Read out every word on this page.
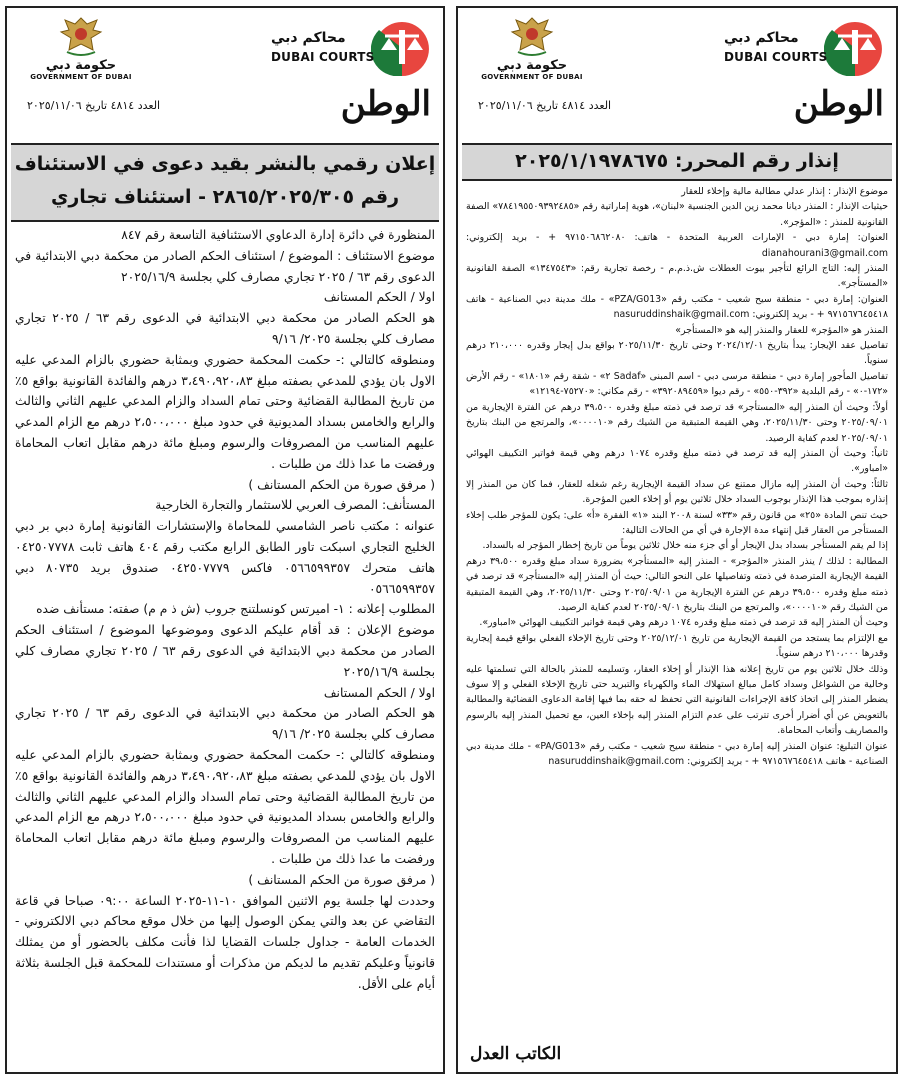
حكومة دبي
GOVERNMENT OF DUBAI
محاكم دبي
DUBAI COURTS
الوطن
العدد ٤٨١٤ تاريخ ٢٠٢٥/١١/٠٦
إعلان رقمي بالنشر بقيد دعوى في الاستئناف رقم ٢٨٦٥/٢٠٢٥/٣٠٥ - استئناف تجاري

المنظورة في دائرة إدارة الدعاوي الاستئنافية التاسعة رقم ٨٤٧

موضوع الاستئناف : الموضوع / استئناف الحكم الصادر من محكمة دبي الابتدائية في الدعوى رقم ٦٣ / ٢٠٢٥ تجاري مصارف كلي بجلسة ٢٠٢٥/١٦/٩

اولا / الحكم المستانف

هو الحكم الصادر من محكمة دبي الابتدائية في الدعوى رقم ٦٣ / ٢٠٢٥ تجاري مصارف كلي بجلسة ٢٠٢٥/ ٩/١٦

ومنطوقه كالتالي :- حكمت المحكمة حضوري وبمثابة حضوري بالزام المدعي عليه الاول بان يؤدي للمدعي بصفته مبلغ ٣،٤٩٠،٩٢٠،٨٣ درهم والفائدة القانونية بواقع ٥٪ من تاريخ المطالبة القضائية وحتى تمام السداد والزام المدعي عليهم الثاني والثالث والرابع والخامس بسداد المديونية في حدود مبلغ ٢،٥٠٠،٠٠٠ درهم مع الزام المدعي عليهم المناسب من المصروفات والرسوم ومبلغ مائة درهم مقابل اتعاب المحاماة ورفضت ما عدا ذلك من طلبات .

( مرفق صورة من الحكم المستانف )

المستأنف: المصرف العربي للاستثمار والتجارة الخارجية

عنوانه : مكتب ناصر الشامسي للمحاماة والإستشارات القانونية إمارة دبي بر دبي الخليج التجاري اسبكت تاور الطابق الرابع مكتب رقم ٤٠٤ هاتف ثابت ٠٤٢٥٠٧٧٧٨ هاتف متحرك ٠٥٦٦٥٩٩٣٥٧ فاكس ٠٤٢٥٠٧٧٧٩ صندوق بريد ٨٠٧٣٥ دبي ٠٥٦٦٥٩٩٣٥٧

المطلوب إعلانه : ١- اميرتس كونسلتنج جروب (ش ذ م م) صفته: مستأنف ضده

موضوع الإعلان : قد أقام عليكم الدعوى وموضوعها الموضوع / استئناف الحكم الصادر من محكمة دبي الابتدائية في الدعوى رقم ٦٣ / ٢٠٢٥ تجاري مصارف كلي بجلسة ٢٠٢٥/١٦/٩

اولا / الحكم المستانف

هو الحكم الصادر من محكمة دبي الابتدائية في الدعوى رقم ٦٣ / ٢٠٢٥ تجاري مصارف كلي بجلسة ٢٠٢٥/ ٩/١٦

ومنطوقه كالتالي :- حكمت المحكمة حضوري وبمثابة حضوري بالزام المدعي عليه الاول بان يؤدي للمدعي بصفته مبلغ ٣،٤٩٠،٩٢٠،٨٣ درهم والفائدة القانونية بواقع ٥٪ من تاريخ المطالبة القضائية وحتى تمام السداد والزام المدعي عليهم الثاني والثالث والرابع والخامس بسداد المديونية في حدود مبلغ ٢،٥٠٠،٠٠٠ درهم مع الزام المدعي عليهم المناسب من المصروفات والرسوم ومبلغ مائة درهم مقابل اتعاب المحاماة ورفضت ما عدا ذلك من طلبات .

( مرفق صورة من الحكم المستانف )

وحددت لها جلسة يوم الاثنين الموافق ١٠-١١-٢٠٢٥ الساعة ٠٩:٠٠ صباحا في قاعة التقاضي عن بعد والتي يمكن الوصول إليها من خلال موقع محاكم دبي الالكتروني - الخدمات العامة - جداول جلسات القضايا لذا فأنت مكلف بالحضور أو من يمثلك قانونياً وعليكم تقديم ما لديكم من مذكرات أو مستندات للمحكمة قبل الجلسة بثلاثة أيام على الأقل.

حكومة دبي
GOVERNMENT OF DUBAI
محاكم دبي
DUBAI COURTS
الوطن
العدد ٤٨١٤ تاريخ ٢٠٢٥/١١/٠٦
إنذار رقم المحرر: ٢٠٢٥/١/١٩٧٨٦٧٥

موضوع الإنذار : إنذار عدلي مطالبة مالية وإخلاء للعقار

حيثيات الإنذار : المنذر ديانا محمد زين الدين الجنسية «لبنان»، هوية إماراتية رقم «٧٨٤١٩٥٥٠٩٣٩٢٤٨٥» الصفة القانونية للمنذر : «المؤجر».

العنوان: إمارة دبي - الإمارات العربية المتحدة - هاتف: ٩٧١٥٠٦٨٦٢٠٨٠ + - بريد إلكتروني: dianahourani3@gmail.com

المنذر إليه: التاج الرائع لتأجير بيوت العطلات ش.ذ.م.م - رخصة تجارية رقم: «١٣٤٧٥٤٣» الصفة القانونية «المستأجر».

العنوان: إمارة دبي - منطقة سيح شعيب - مكتب رقم «PZA/G013» - ملك مدينة دبي الصناعية - هاتف ٩٧١٥٦٧٦٤٥٤١٨ + - بريد إلكتروني: nasuruddinshaik@gmail.com

المنذر هو «المؤجر» للعقار والمنذر إليه هو «المستأجر»

تفاصيل عقد الإيجار: يبدأ بتاريخ ٢٠٢٤/١٢/٠١ وحتى تاريخ ٢٠٢٥/١١/٣٠ بواقع بدل إيجار وقدره ٢١٠،٠٠٠ درهم سنوياً.

تفاصيل المأجور إمارة دبي - منطقة مرسى دبي - اسم المبنى «Sadaf ٢» - شقة رقم «١٨٠١» - رقم الأرض «١٧٢-٠» - رقم البلدية «٣٩٢-٥٥٠» - رقم ديوا «٣٩٢٠٨٩٤٥٩» - رقم مكاني: «٧٥٢٧٠-١٢١٩٤»

أولاً: وحيث أن المنذر إليه «المستأجر» قد ترصد في ذمته مبلغ وقدره ٣٩،٥٠٠ درهم عن الفترة الإيجارية من ٢٠٢٥/٠٩/٠١ وحتى ٢٠٢٥/١١/٣٠، وهي القيمة المتبقية من الشيك رقم «٠٠٠٠١٠»، والمرتجع من البنك بتاريخ ٢٠٢٥/٠٩/٠١ لعدم كفاية الرصيد.

ثانياً: وحيث أن المنذر إليه قد ترصد في ذمته مبلغ وقدره ١٠٧٤ درهم وهي قيمة فواتير التكييف الهوائي «امباور».

ثالثاً: وحيث أن المنذر إليه مازال ممتنع عن سداد القيمة الإيجارية رغم شغله للعقار، فما كان من المنذر إلا إنذاره بموجب هذا الإنذار بوجوب السداد خلال ثلاثين يوم أو إخلاء العين المؤجرة.

حيث تنص المادة «٢٥» من قانون رقم «٣٣» لسنة ٢٠٠٨ البند «١» الفقرة «أ» على: يكون للمؤجر طلب إخلاء المستأجر من العقار قبل إنتهاء مدة الإجارة في أي من الحالات التالية:

إذا لم يقم المستأجر بسداد بدل الإيجار أو أي جزء منه خلال ثلاثين يوماً من تاريخ إخطار المؤجر له بالسداد.

المطالبة : لذلك / ينذر المنذر «المؤجر» - المنذر إليه «المستأجر» بضرورة سداد مبلغ وقدره ٣٩،٥٠٠ درهم القيمة الإيجارية المترصدة في ذمته وتفاصيلها على النحو التالي: حيث أن المنذر إليه «المستأجر» قد ترصد في ذمته مبلغ وقدره ٣٩،٥٠٠ درهم عن الفترة الإيجارية من ٢٠٢٥/٠٩/٠١ وحتى ٢٠٢٥/١١/٣٠، وهي القيمة المتبقية من الشيك رقم «٠٠٠٠١٠»، والمرتجع من البنك بتاريخ ٢٠٢٥/٠٩/٠١ لعدم كفاية الرصيد.

وحيث أن المنذر إليه قد ترصد في ذمته مبلغ وقدره ١٠٧٤ درهم وهي قيمة فواتير التكييف الهوائي «امباور».

مع الإلتزام بما يستجد من القيمة الإيجارية من تاريخ ٢٠٢٥/١٢/٠١ وحتى تاريخ الإخلاء الفعلي بواقع قيمة إيجارية وقدرها ٢١٠،٠٠٠ درهم سنوياً.

وذلك خلال ثلاثين يوم من تاريخ إعلانه هذا الإنذار أو إخلاء العقار، وتسليمه للمنذر بالحالة التي تسلمتها عليه وخالية من الشواغل وسداد كامل مبالغ استهلاك الماء والكهرباء والتبريد حتى تاريخ الإخلاء الفعلي و إلا سوف يضطر المنذر إلى اتخاذ كافة الإجراءات القانونية التي تحفظ له حقه بما فيها إقامة الدعاوى القضائية والمطالبة بالتعويض عن أي أضرار أخرى تترتب على عدم التزام المنذر إليه بإخلاء العين، مع تحميل المنذر إليه بالرسوم والمصاريف وأتعاب المحاماة.

عنوان التبليغ: عنوان المنذر إليه إمارة دبي - منطقة سيح شعيب - مكتب رقم «PA/G013» - ملك مدينة دبي الصناعية - هاتف ٩٧١٥٦٧٦٤٥٤١٨ + - بريد إلكتروني: nasuruddinshaik@gmail.com

الكاتب العدل
